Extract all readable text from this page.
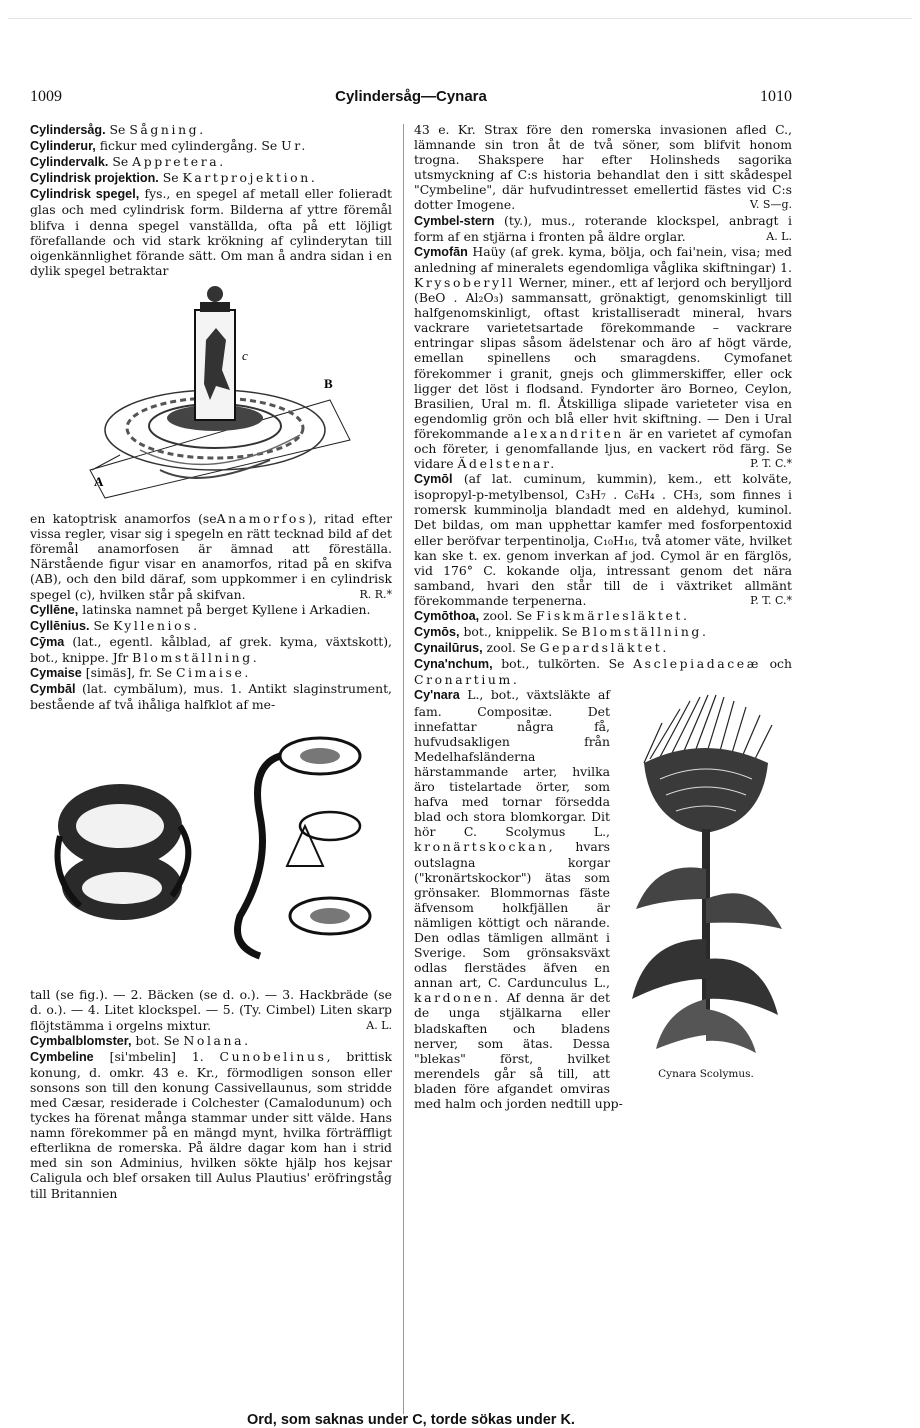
1009	Cylindersåg—Cynara	1010

Cylindersåg. Se Sågning.

Cylinderur, fickur med cylindergång. Se Ur.

Cylindervalk. Se Appretera.

Cylindrisk projektion. Se Kartprojektion.

Cylindrisk spegel, fys., en spegel af metall eller folieradt glas och med cylindrisk form. Bilderna af yttre föremål blifva i denna spegel vanställda, ofta på ett löjligt förefallande och vid stark krökning af cylinderytan till oigenkännlighet förande sätt. Om man å andra sidan i en dylik spegel betraktar

A
B
c

en katoptrisk anamorfos (seAnamorfos), ritad efter vissa regler, visar sig i spegeln en rätt tecknad bild af det föremål anamorfosen är ämnad att föreställa. Närstående figur visar en anamorfos, ritad på en skifva (AB), och den bild däraf, som uppkommer i en cylindrisk spegel (c), hvilken står på skifvan.	R. R.*

Cyllēne, latinska namnet på berget Kyllene i Arkadien.

Cyllēnius. Se Kyllenios.

Cȳma (lat., egentl. kålblad, af grek. kyma, växtskott), bot., knippe. Jfr Blomställning.

Cymaise [simäs], fr. Se Cimaise.

Cymbāl (lat. cymbălum), mus. 1. Antikt slaginstrument, bestående af två ihåliga halfklot af me-

tall (se fig.). — 2. Bäcken (se d. o.). — 3. Hackbräde (se d. o.). — 4. Litet klockspel. — 5. (Ty. Cimbel) Liten skarp flöjtstämma i orgelns mixtur.	A. L.

Cymbalblomster, bot. Se Nolana.

Cymbeline [si'mbelin] 1. Cunobelinus, brittisk konung, d. omkr. 43 e. Kr., förmodligen sonson eller sonsons son till den konung Cassivellaunus, som stridde med Cæsar, residerade i Colchester (Camalodunum) och tyckes ha förenat många stammar under sitt välde. Hans namn förekommer på en mängd mynt, hvilka förträffligt efterlikna de romerska. På äldre dagar kom han i strid med sin son Adminius, hvilken sökte hjälp hos kejsar Caligula och blef orsaken till Aulus Plautius' eröfringståg till Britannien

43 e. Kr. Strax före den romerska invasionen afled C., lämnande sin tron åt de två söner, som blifvit honom trogna. Shakspere har efter Holinsheds sagorika utsmyckning af C:s historia behandlat den i sitt skådespel "Cymbeline", där hufvudintresset emellertid fästes vid C:s dotter Imogene.	V. S—g.

Cymbel-stern (ty.), mus., roterande klockspel, anbragt i form af en stjärna i fronten på äldre orglar.	A. L.

Cymofān Haüy (af grek. kyma, bölja, och fai'nein, visa; med anledning af mineralets egendomliga våglika skiftningar) 1. Krysoberyll Werner, miner., ett af lerjord och berylljord (BeO . Al₂O₃) sammansatt, grönaktigt, genomskinligt till halfgenomskinligt, oftast kristalliseradt mineral, hvars vackrare varietetsartade förekommande – vackrare entringar slipas såsom ädelstenar och äro af högt värde, emellan spinellens och smaragdens. Cymofanet förekommer i granit, gnejs och glimmerskiffer, eller ock ligger det löst i flodsand. Fyndorter äro Borneo, Ceylon, Brasilien, Ural m. fl. Åtskilliga slipade varieteter visa en egendomlig grön och blå eller hvit skiftning. — Den i Ural förekommande alexandriten är en varietet af cymofan och företer, i genomfallande ljus, en vackert röd färg. Se vidare Ädelstenar.	P. T. C.*

Cymōl (af lat. cuminum, kummin), kem., ett kolväte, isopropyl-p-metylbensol, C₃H₇ . C₆H₄ . CH₃, som finnes i romersk kumminolja blandadt med en aldehyd, kuminol. Det bildas, om man upphettar kamfer med fosforpentoxid eller beröfvar terpentinolja, C₁₀H₁₆, två atomer väte, hvilket kan ske t. ex. genom inverkan af jod. Cymol är en färglös, vid 176° C. kokande olja, intressant genom det nära samband, hvari den står till de i växtriket allmänt förekommande terpenerna.	P. T. C.*

Cymōthoa, zool. Se Fiskmärlesläktet.

Cymōs, bot., knippelik. Se Blomställning.

Cynailūrus, zool. Se Gepardsläktet.

Cyna'nchum, bot., tulkörten. Se Asclepiadaceæ och Cronartium.

Cynara Scolymus.

Cy'nara L., bot., växtsläkte af fam. Compositæ. Det innefattar några få, hufvudsakligen från Medelhafsländerna härstammande arter, hvilka äro tistelartade örter, som hafva med tornar försedda blad och stora blomkorgar. Dit hör C. Scolymus L., kronärtskockan, hvars outslagna korgar ("kronärtskockor") ätas som grönsaker. Blommornas fäste äfvensom holkfjällen är nämligen köttigt och närande. Den odlas tämligen allmänt i Sverige. Som grönsaksväxt odlas flerstädes äfven en annan art, C. Cardunculus L., kardonen. Af denna är det de unga stjälkarna eller bladskaften och bladens nerver, som ätas. Dessa "blekas" först, hvilket merendels går så till, att bladen före afgandet omviras med halm och jorden nedtill upp-

Ord, som saknas under C, torde sökas under K.
